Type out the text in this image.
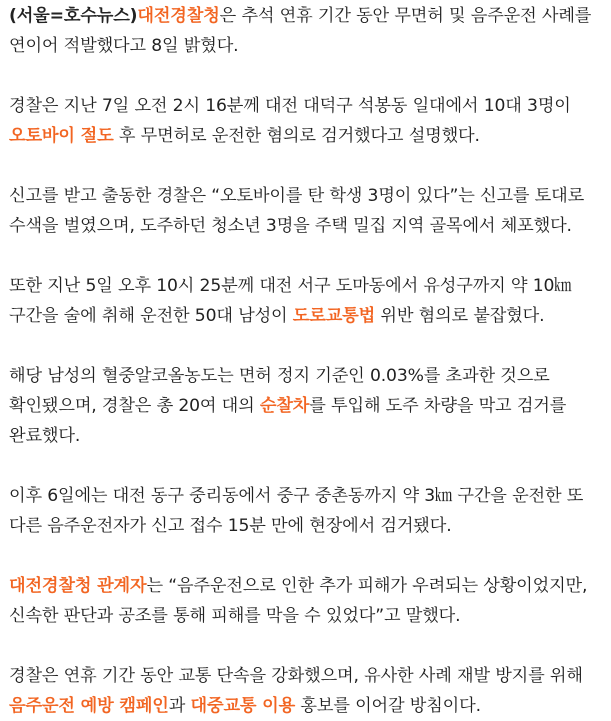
(서울=호수뉴스)대전경찰청은 추석 연휴 기간 동안 무면허 및 음주운전 사례를 연이어 적발했다고 8일 밝혔다.

경찰은 지난 7일 오전 2시 16분께 대전 대덕구 석봉동 일대에서 10대 3명이 오토바이 절도 후 무면허로 운전한 혐의로 검거했다고 설명했다.

신고를 받고 출동한 경찰은 “오토바이를 탄 학생 3명이 있다”는 신고를 토대로 수색을 벌였으며, 도주하던 청소년 3명을 주택 밀집 지역 골목에서 체포했다.

또한 지난 5일 오후 10시 25분께 대전 서구 도마동에서 유성구까지 약 10㎞ 구간을 술에 취해 운전한 50대 남성이 도로교통법 위반 혐의로 붙잡혔다.

해당 남성의 혈중알코올농도는 면허 정지 기준인 0.03%를 초과한 것으로 확인됐으며, 경찰은 총 20여 대의 순찰차를 투입해 도주 차량을 막고 검거를 완료했다.

이후 6일에는 대전 동구 중리동에서 중구 중촌동까지 약 3㎞ 구간을 운전한 또 다른 음주운전자가 신고 접수 15분 만에 현장에서 검거됐다.

대전경찰청 관계자는 “음주운전으로 인한 추가 피해가 우려되는 상황이었지만, 신속한 판단과 공조를 통해 피해를 막을 수 있었다”고 말했다.

경찰은 연휴 기간 동안 교통 단속을 강화했으며, 유사한 사례 재발 방지를 위해 음주운전 예방 캠페인과 대중교통 이용 홍보를 이어갈 방침이다.
